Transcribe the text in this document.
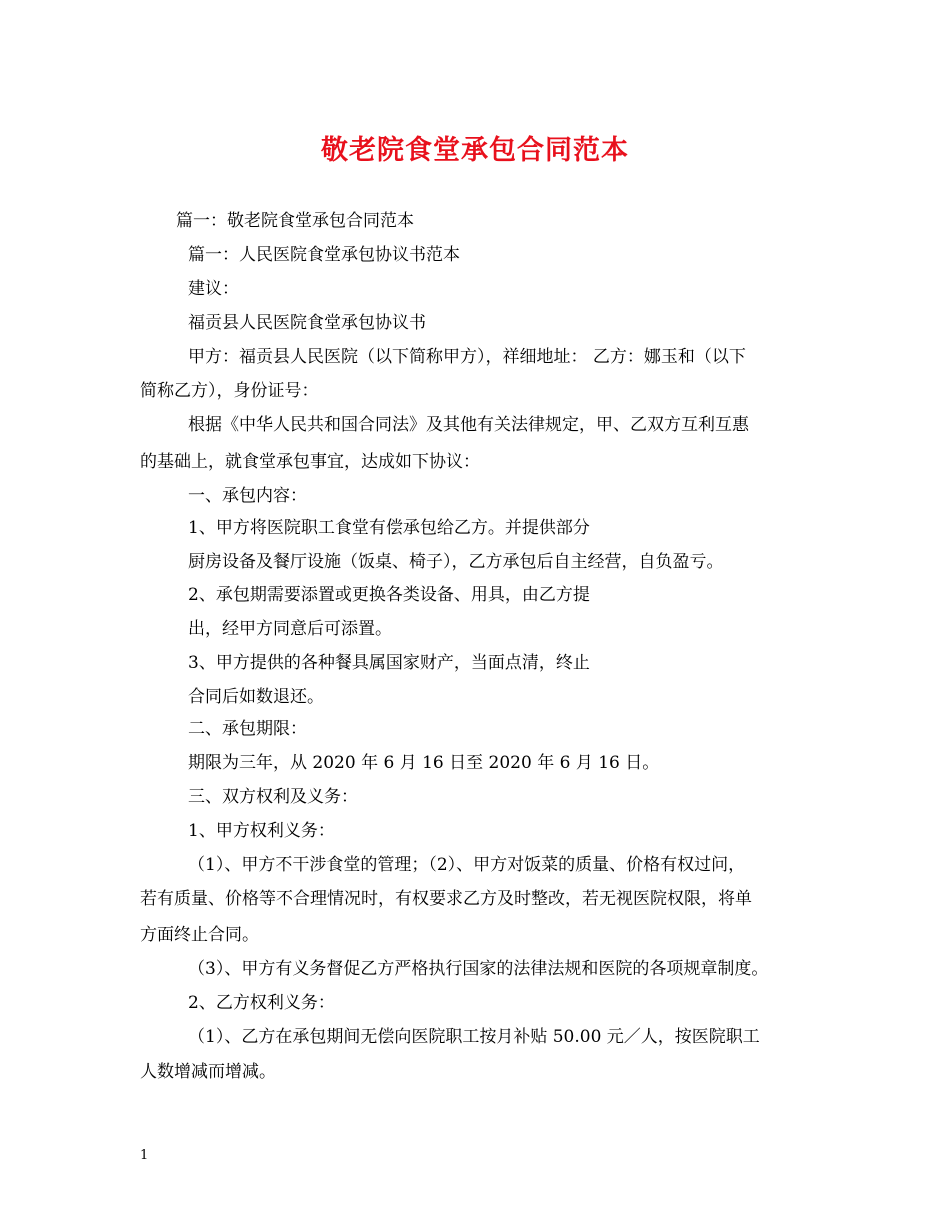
敬老院食堂承包合同范本
篇一：敬老院食堂承包合同范本
篇一：人民医院食堂承包协议书范本
建议：
福贡县人民医院食堂承包协议书
甲方：福贡县人民医院（以下简称甲方），祥细地址： 乙方：娜玉和（以下
简称乙方），身份证号：
根据《中华人民共和国合同法》及其他有关法律规定，甲、乙双方互利互惠
的基础上，就食堂承包事宜，达成如下协议：
一、承包内容：
1、甲方将医院职工食堂有偿承包给乙方。并提供部分
厨房设备及餐厅设施（饭桌、椅子），乙方承包后自主经营，自负盈亏。
2、承包期需要添置或更换各类设备、用具，由乙方提
出，经甲方同意后可添置。
3、甲方提供的各种餐具属国家财产，当面点清，终止
合同后如数退还。
二、承包期限：
期限为三年，从 2020 年 6 月 16 日至 2020 年 6 月 16 日。
三、双方权利及义务：
1、甲方权利义务：
（1）、甲方不干涉食堂的管理；（2）、甲方对饭菜的质量、价格有权过问，
若有质量、价格等不合理情况时，有权要求乙方及时整改，若无视医院权限，将单
方面终止合同。
（3）、甲方有义务督促乙方严格执行国家的法律法规和医院的各项规章制度。
2、乙方权利义务：
（1）、乙方在承包期间无偿向医院职工按月补贴 50.00 元／人，按医院职工
人数增减而增减。
1
